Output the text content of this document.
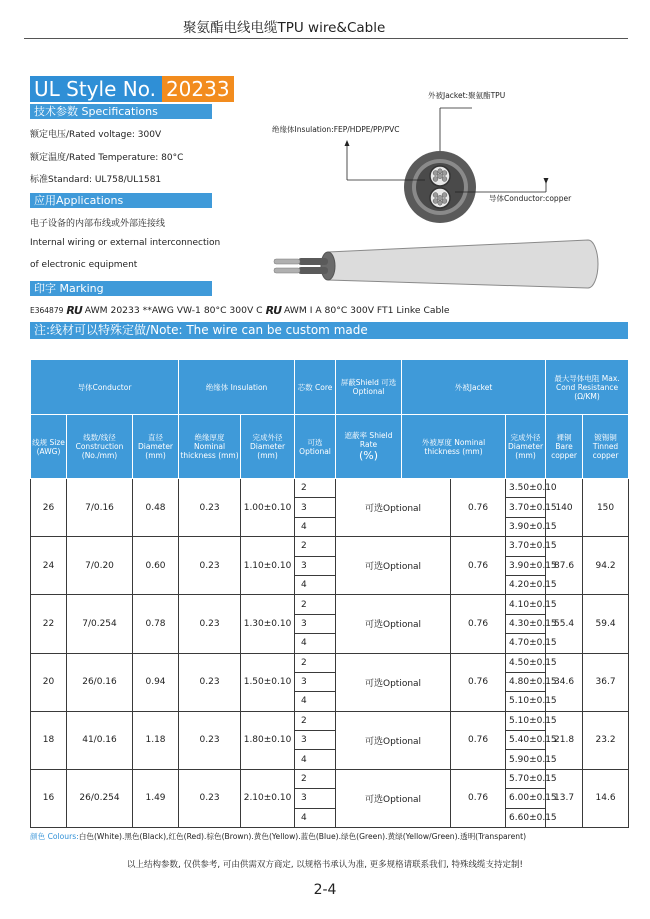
聚氨酯电线电缆TPU wire&Cable
UL Style No. 20233
技术参数 Specifications
额定电压/Rated voltage: 300V
额定温度/Rated Temperature: 80°C
标准Standard: UL758/UL1581
应用Applications
电子设备的内部布线或外部连接线
Internal wiring or external interconnection
of electronic equipment
印字 Marking
E364879 RU AWM 20233 **AWG VW-1 80°C 300V C RU AWM I A 80°C 300V FT1 Linke Cable
注:线材可以特殊定做/Note: The wire can be custom made
外被Jacket:聚氨酯TPU
绝缘体Insulation:FEP/HDPE/PP/PVC
导体Conductor:copper
导体Conductor			绝缘体 Insulation		芯数 Core	屏蔽Shield 可选 Optional	外被Jacket			最大导体电阻 Max. Cond Resistance (Ω/KM)	
线规 Size (AWG)	线数/线径 Construction (No./mm)	直径 Diameter (mm)	绝缘厚度 Nominal thickness (mm)	完成外径 Diameter (mm)	可选 Optional	遮蔽率 Shield Rate
(%)	外被厚度 Nominal thickness (mm)		完成外径 Diameter (mm)	裸铜 Bare copper	镀锡铜 Tinned copper
26	7/0.16	0.48	0.23	1.00±0.10	2	可选Optional		0.76	3.50±0.10	140	150
					3				3.70±0.15		
					4				3.90±0.15		
24	7/0.20	0.60	0.23	1.10±0.10	2	可选Optional		0.76	3.70±0.15	87.6	94.2
					3				3.90±0.15		
					4				4.20±0.15		
22	7/0.254	0.78	0.23	1.30±0.10	2	可选Optional		0.76	4.10±0.15	55.4	59.4
					3				4.30±0.15		
					4				4.70±0.15		
20	26/0.16	0.94	0.23	1.50±0.10	2	可选Optional		0.76	4.50±0.15	34.6	36.7
					3				4.80±0.15		
					4				5.10±0.15		
18	41/0.16	1.18	0.23	1.80±0.10	2	可选Optional		0.76	5.10±0.15	21.8	23.2
					3				5.40±0.15		
					4				5.90±0.15		
16	26/0.254	1.49	0.23	2.10±0.10	2	可选Optional		0.76	5.70±0.15	13.7	14.6
					3				6.00±0.15		
					4				6.60±0.15		
颜色 Colours:白色(White).黑色(Black),红色(Red).棕色(Brown).黄色(Yellow).蓝色(Blue).绿色(Green).黄绿(Yellow/Green).透明(Transparent)
以上结构参数, 仅供参考, 可由供需双方商定, 以规格书承认为准, 更多规格请联系我们, 特殊线缆支持定制!
2-4
